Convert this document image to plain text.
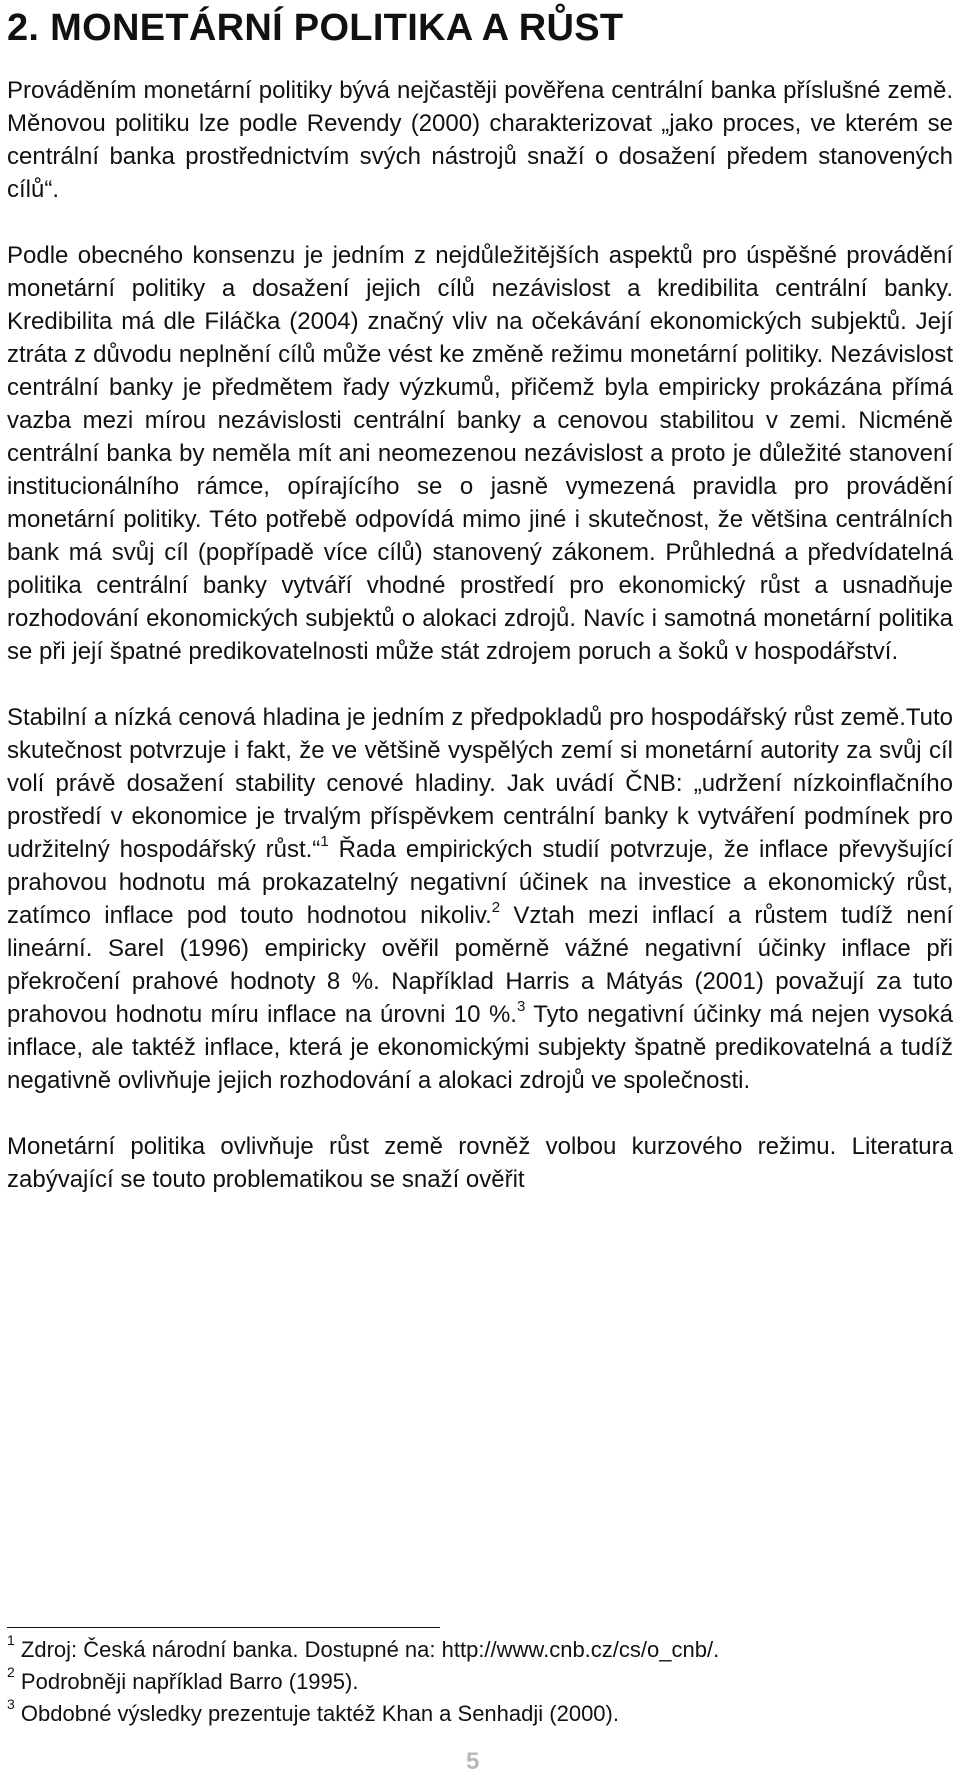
2. MONETÁRNÍ POLITIKA A RŮST

Prováděním monetární politiky bývá nejčastěji pověřena centrální banka příslušné země. Měnovou politiku lze podle Revendy (2000) charakterizovat „jako proces, ve kterém se centrální banka prostřednictvím svých nástrojů snaží o dosažení předem stanovených cílů“.

Podle obecného konsenzu je jedním z nejdůležitějších aspektů pro úspěšné provádění monetární politiky a dosažení jejich cílů nezávislost a kredibilita centrální banky. Kredibilita má dle Filáčka (2004) značný vliv na očekávání ekonomických subjektů. Její ztráta z důvodu neplnění cílů může vést ke změně režimu monetární politiky. Nezávislost centrální banky je předmětem řady výzkumů, přičemž byla empiricky prokázána přímá vazba mezi mírou nezávislosti centrální banky a cenovou stabilitou v zemi. Nicméně centrální banka by neměla mít ani neomezenou nezávislost a proto je důležité stanovení institucionálního rámce, opírajícího se o jasně vymezená pravidla pro provádění monetární politiky. Této potřebě odpovídá mimo jiné i skutečnost, že většina centrálních bank má svůj cíl (popřípadě více cílů) stanovený zákonem. Průhledná a předvídatelná politika centrální banky vytváří vhodné prostředí pro ekonomický růst a usnadňuje rozhodování ekonomických subjektů o alokaci zdrojů. Navíc i samotná monetární politika se při její špatné predikovatelnosti může stát zdrojem poruch a šoků v hospodářství.

Stabilní a nízká cenová hladina je jedním z předpokladů pro hospodářský růst země.Tuto skutečnost potvrzuje i fakt, že ve většině vyspělých zemí si monetární autority za svůj cíl volí právě dosažení stability cenové hladiny. Jak uvádí ČNB: „udržení nízkoinflačního prostředí v ekonomice je trvalým příspěvkem centrální banky k vytváření podmínek pro udržitelný hospodářský růst.“$^1$ Řada empirických studií potvrzuje, že inflace převyšující prahovou hodnotu má prokazatelný negativní účinek na investice a ekonomický růst, zatímco inflace pod touto hodnotou nikoliv.$^2$ Vztah mezi inflací a růstem tudíž není lineární. Sarel (1996) empiricky ověřil poměrně vážné negativní účinky inflace při překročení prahové hodnoty 8 %. Například Harris a Mátyás (2001) považují za tuto prahovou hodnotu míru inflace na úrovni 10 %.$^3$ Tyto negativní účinky má nejen vysoká inflace, ale taktéž inflace, která je ekonomickými subjekty špatně predikovatelná a tudíž negativně ovlivňuje jejich rozhodování a alokaci zdrojů ve společnosti.

Monetární politika ovlivňuje růst země rovněž volbou kurzového režimu. Literatura zabývající se touto problematikou se snaží ověřit

$^1$ Zdroj: Česká národní banka. Dostupné na: http://www.cnb.cz/cs/o_cnb/.
$^2$ Podrobněji například Barro (1995).
$^3$ Obdobné výsledky prezentuje taktéž Khan a Senhadji (2000).
5
